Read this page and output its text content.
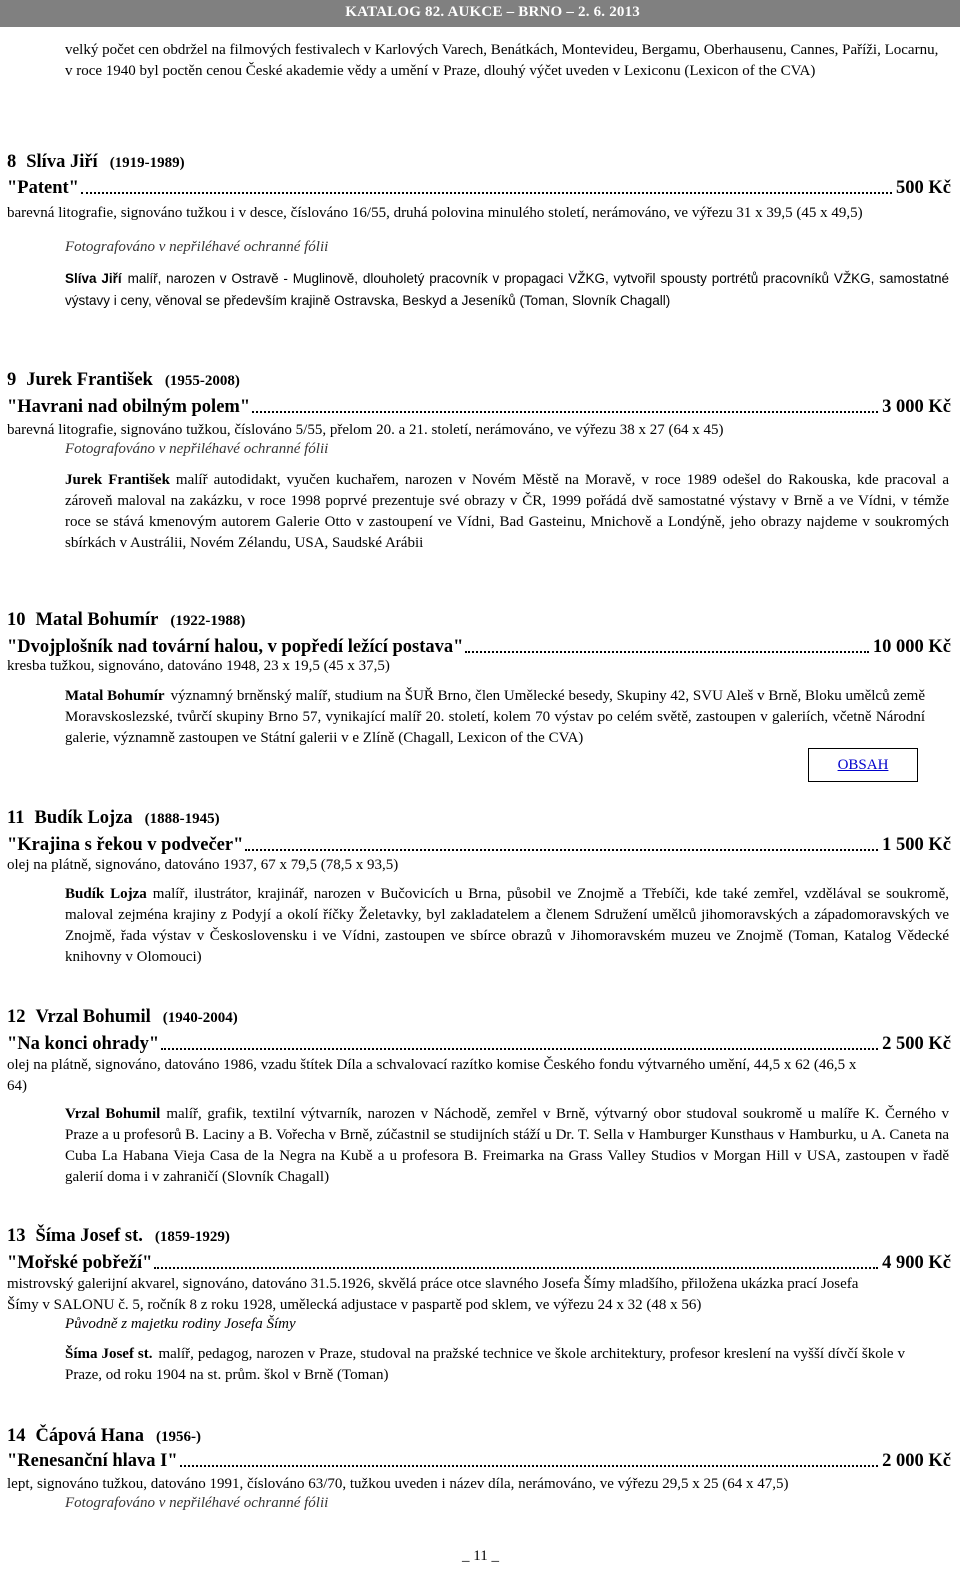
KATALOG 82. AUKCE – BRNO – 2. 6. 2013
velký počet cen obdržel na filmových festivalech v Karlových Varech, Benátkách, Montevideu, Bergamu, Oberhausenu, Cannes, Paříži, Locarnu, v roce 1940 byl poctěn cenou České akademie vědy a umění v Praze, dlouhý výčet uveden v Lexiconu (Lexicon of the CVA)
8 Slíva Jiří (1919-1989)
"Patent"	500 Kč
barevná litografie, signováno tužkou i v desce, číslováno 16/55, druhá polovina minulého století, nerámováno, ve výřezu 31 x 39,5 (45 x 49,5)
Fotografováno v nepřiléhavé ochranné fólii
Slíva Jiří malíř, narozen v Ostravě - Muglinově, dlouholetý pracovník v propagaci VŽKG, vytvořil spousty portrétů pracovníků VŽKG, samostatné výstavy i ceny, věnoval se především krajině Ostravska, Beskyd a Jeseníků (Toman, Slovník Chagall)
9 Jurek František (1955-2008)
"Havrani nad obilným polem"	3 000 Kč
barevná litografie, signováno tužkou, číslováno 5/55, přelom 20. a 21. století, nerámováno, ve výřezu 38 x 27 (64 x 45)
Fotografováno v nepřiléhavé ochranné fólii
Jurek František malíř autodidakt, vyučen kuchařem, narozen v Novém Městě na Moravě, v roce 1989 odešel do Rakouska, kde pracoval a zároveň maloval na zakázku, v roce 1998 poprvé prezentuje své obrazy v ČR, 1999 pořádá dvě samostatné výstavy v Brně a ve Vídni, v témže roce se stává kmenovým autorem Galerie Otto v zastoupení ve Vídni, Bad Gasteinu, Mnichově a Londýně, jeho obrazy najdeme v soukromých sbírkách v Austrálii, Novém Zélandu, USA, Saudské Arábii
10 Matal Bohumír (1922-1988)
"Dvojplošník nad tovární halou, v popředí ležící postava"	10 000 Kč
kresba tužkou, signováno, datováno 1948, 23 x 19,5 (45 x 37,5)
Matal Bohumír významný brněnský malíř, studium na ŠUŘ Brno, člen Umělecké besedy, Skupiny 42, SVU Aleš v Brně, Bloku umělců země Moravskoslezské, tvůrčí skupiny Brno 57, vynikající malíř 20. století, kolem 70 výstav po celém světě, zastoupen v galeriích, včetně Národní galerie, významně zastoupen ve Státní galerii v e Zlíně (Chagall, Lexicon of the CVA)
OBSAH
11 Budík Lojza (1888-1945)
"Krajina s řekou v podvečer"	1 500 Kč
olej na plátně, signováno, datováno 1937, 67 x 79,5 (78,5 x 93,5)
Budík Lojza malíř, ilustrátor, krajinář, narozen v Bučovicích u Brna, působil ve Znojmě a Třebíči, kde také zemřel, vzdělával se soukromě, maloval zejména krajiny z Podyjí a okolí říčky Želetavky, byl zakladatelem a členem Sdružení umělců jihomoravských a západomoravských ve Znojmě, řada výstav v Československu i ve Vídni, zastoupen ve sbírce obrazů v Jihomoravském muzeu ve Znojmě (Toman, Katalog Vědecké knihovny v Olomouci)
12 Vrzal Bohumil (1940-2004)
"Na konci ohrady"	2 500 Kč
olej na plátně, signováno, datováno 1986, vzadu štítek Díla a schvalovací razítko komise Českého fondu výtvarného umění, 44,5 x 62 (46,5 x 64)
Vrzal Bohumil malíř, grafik, textilní výtvarník, narozen v Náchodě, zemřel v Brně, výtvarný obor studoval soukromě u malíře K. Černého v Praze a u profesorů B. Laciny a B. Vořecha v Brně, zúčastnil se studijních stáží u Dr. T. Sella v Hamburger Kunsthaus v Hamburku, u A. Caneta na Cuba La Habana Vieja Casa de la Negra na Kubě a u profesora B. Freimarka na Grass Valley Studios v Morgan Hill v USA, zastoupen v řadě galerií doma i v zahraničí (Slovník Chagall)
13 Šíma Josef st. (1859-1929)
"Mořské pobřeží"	4 900 Kč
mistrovský galerijní akvarel, signováno, datováno 31.5.1926, skvělá práce otce slavného Josefa Šímy mladšího, přiložena ukázka prací Josefa Šímy v SALONU č. 5, ročník 8 z roku 1928, umělecká adjustace v paspartě pod sklem, ve výřezu 24 x 32 (48 x 56)
Původně z majetku rodiny Josefa Šímy
Šíma Josef st. malíř, pedagog, narozen v Praze, studoval na pražské technice ve škole architektury, profesor kreslení na vyšší dívčí škole v Praze, od roku 1904 na st. prům. škol v Brně (Toman)
14 Čápová Hana (1956-)
"Renesanční hlava I"	2 000 Kč
lept, signováno tužkou, datováno 1991, číslováno 63/70, tužkou uveden i název díla, nerámováno, ve výřezu 29,5 x 25 (64 x 47,5)
Fotografováno v nepřiléhavé ochranné fólii
_ 11 _
